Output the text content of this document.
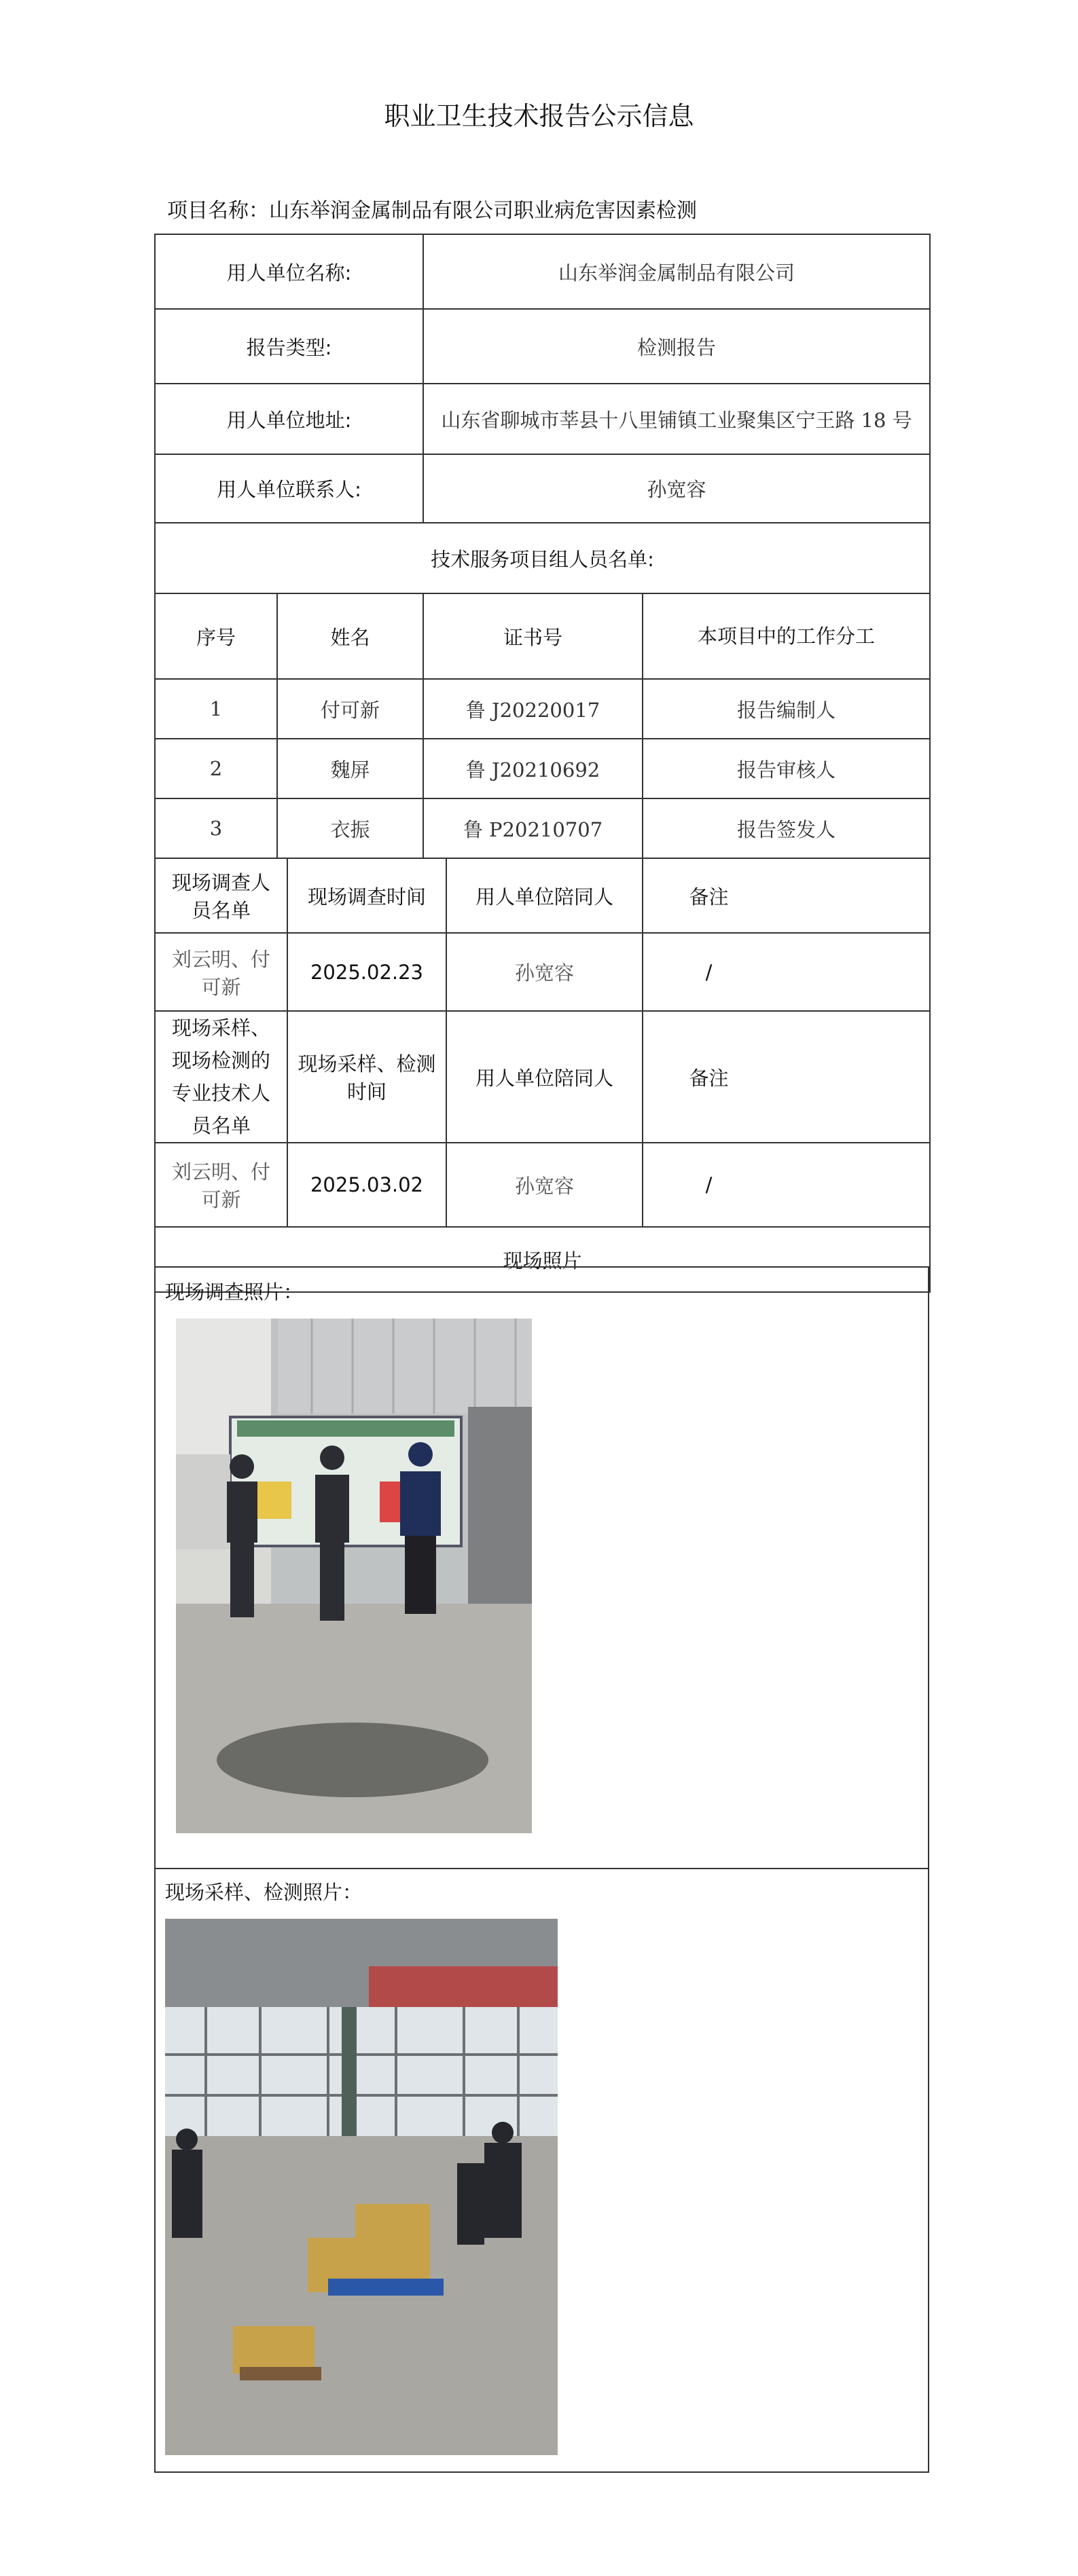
职业卫生技术报告公示信息
项目名称：山东举润金属制品有限公司职业病危害因素检测
用人单位名称:			山东举润金属制品有限公司		
报告类型:			检测报告		
用人单位地址:			山东省聊城市莘县十八里铺镇工业聚集区宁王路 18 号		
用人单位联系人:			孙宽容		
技术服务项目组人员名单:					
序号	姓名		证书号		本项目中的工作分工
1	付可新		鲁 J20220017		报告编制人
2	魏屏		鲁 J20210692		报告审核人
3	衣振		鲁 P20210707		报告签发人
现场调查人员名单		现场调查时间		用人单位陪同人	备注

刘云明、付可新		2025.02.23		孙宽容	/

现场采样、现场检测的专业技术人员名单		现场采样、检测时间		用人单位陪同人	备注

刘云明、付可新		2025.03.02		孙宽容	/

现场照片					
现场调查照片：
现场采样、检测照片：
